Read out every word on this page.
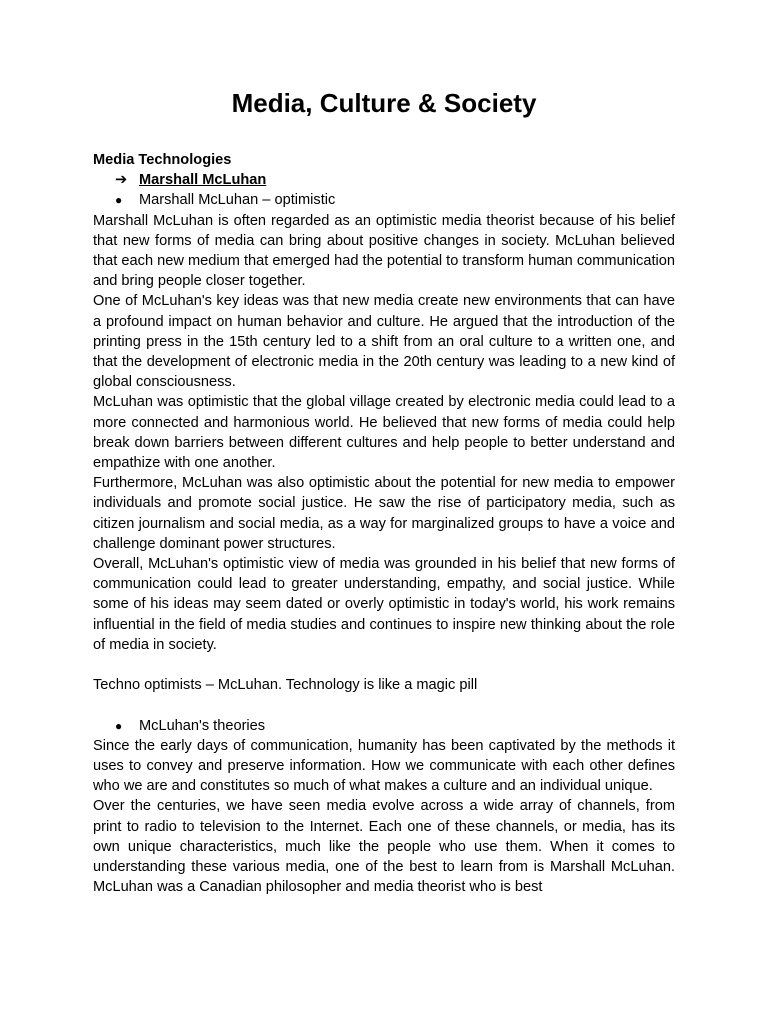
Media, Culture & Society

Media Technologies

➔ Marshall McLuhan

●	Marshall McLuhan – optimistic

Marshall McLuhan is often regarded as an optimistic media theorist because of his belief that new forms of media can bring about positive changes in society. McLuhan believed that each new medium that emerged had the potential to transform human communication and bring people closer together.

One of McLuhan's key ideas was that new media create new environments that can have a profound impact on human behavior and culture. He argued that the introduction of the printing press in the 15th century led to a shift from an oral culture to a written one, and that the development of electronic media in the 20th century was leading to a new kind of global consciousness.

McLuhan was optimistic that the global village created by electronic media could lead to a more connected and harmonious world. He believed that new forms of media could help break down barriers between different cultures and help people to better understand and empathize with one another.

Furthermore, McLuhan was also optimistic about the potential for new media to empower individuals and promote social justice. He saw the rise of participatory media, such as citizen journalism and social media, as a way for marginalized groups to have a voice and challenge dominant power structures.

Overall, McLuhan's optimistic view of media was grounded in his belief that new forms of communication could lead to greater understanding, empathy, and social justice. While some of his ideas may seem dated or overly optimistic in today's world, his work remains influential in the field of media studies and continues to inspire new thinking about the role of media in society.

Techno optimists – McLuhan. Technology is like a magic pill

●	McLuhan's theories

Since the early days of communication, humanity has been captivated by the methods it uses to convey and preserve information. How we communicate with each other defines who we are and constitutes so much of what makes a culture and an individual unique.

Over the centuries, we have seen media evolve across a wide array of channels, from print to radio to television to the Internet. Each one of these channels, or media, has its own unique characteristics, much like the people who use them. When it comes to understanding these various media, one of the best to learn from is Marshall McLuhan. McLuhan was a Canadian philosopher and media theorist who is best
